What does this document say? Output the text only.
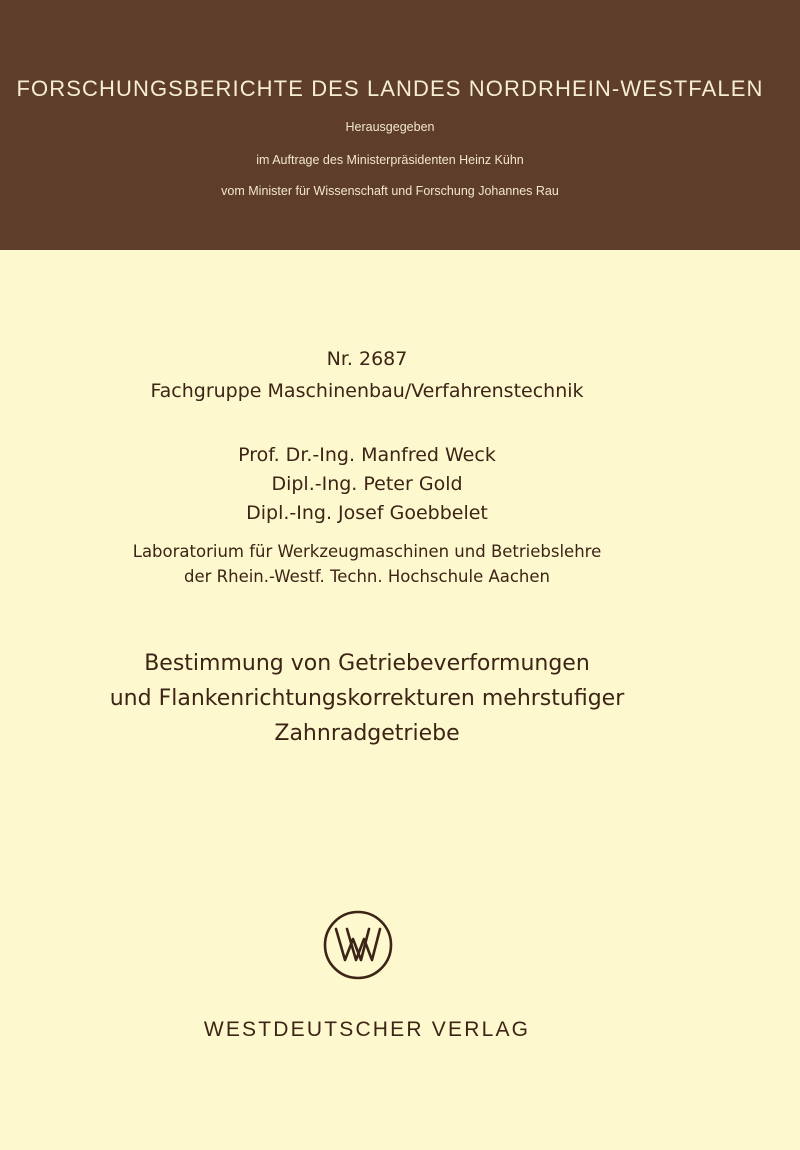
FORSCHUNGSBERICHTE DES LANDES NORDRHEIN-WESTFALEN
Herausgegeben
im Auftrage des Ministerpräsidenten Heinz Kühn
vom Minister für Wissenschaft und Forschung Johannes Rau
Nr. 2687
Fachgruppe Maschinenbau/Verfahrenstechnik
Prof. Dr.-Ing. Manfred Weck
Dipl.-Ing. Peter Gold
Dipl.-Ing. Josef Goebbelet
Laboratorium für Werkzeugmaschinen und Betriebslehre
der Rhein.-Westf. Techn. Hochschule Aachen
Bestimmung von Getriebeverformungen
und Flankenrichtungskorrekturen mehrstufiger
Zahnradgetriebe
WESTDEUTSCHER VERLAG
